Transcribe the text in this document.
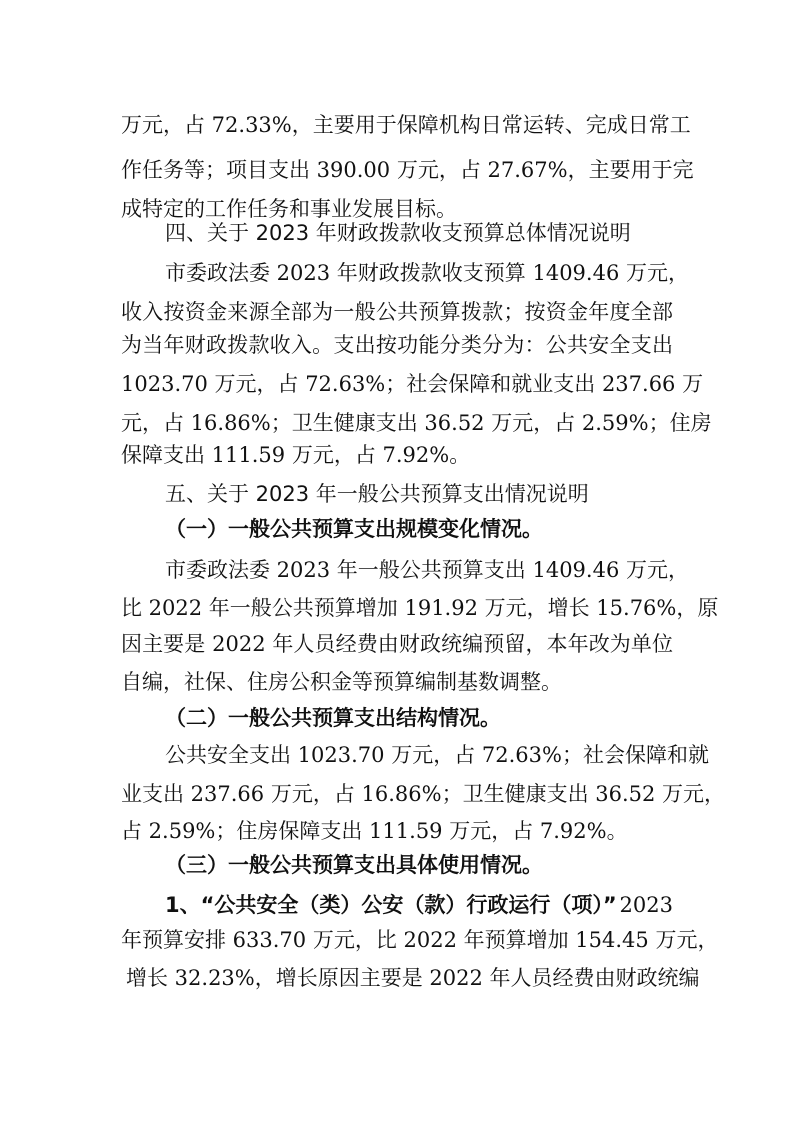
万元，占 72.33%，主要用于保障机构日常运转、完成日常工
作任务等；项目支出 390.00 万元，占 27.67%，主要用于完
成特定的工作任务和事业发展目标。
四、关于 2023 年财政拨款收支预算总体情况说明
市委政法委 2023 年财政拨款收支预算 1409.46 万元，
收入按资金来源全部为一般公共预算拨款；按资金年度全部
为当年财政拨款收入。支出按功能分类分为：公共安全支出
1023.70 万元，占 72.63%；社会保障和就业支出 237.66 万
元，占 16.86%；卫生健康支出 36.52 万元，占 2.59%；住房
保障支出 111.59 万元，占 7.92%。
五、关于 2023 年一般公共预算支出情况说明
（一）一般公共预算支出规模变化情况。
市委政法委 2023 年一般公共预算支出 1409.46 万元，
比 2022 年一般公共预算增加 191.92 万元，增长 15.76%，原
因主要是 2022 年人员经费由财政统编预留，本年改为单位
自编，社保、住房公积金等预算编制基数调整。
（二）一般公共预算支出结构情况。
公共安全支出 1023.70 万元，占 72.63%；社会保障和就
业支出 237.66 万元，占 16.86%；卫生健康支出 36.52 万元，
占 2.59%；住房保障支出 111.59 万元，占 7.92%。
（三）一般公共预算支出具体使用情况。
1、“公共安全（类）公安（款）行政运行（项）” 2023
年预算安排 633.70 万元，比 2022 年预算增加 154.45 万元，
增长 32.23%，增长原因主要是 2022 年人员经费由财政统编
